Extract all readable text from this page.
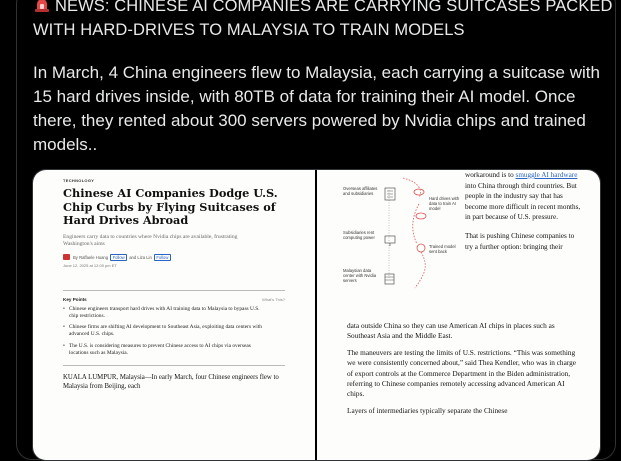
NEWS: CHINESE AI COMPANIES ARE CARRYING SUITCASES PACKED WITH HARD-DRIVES TO MALAYSIA TO TRAIN MODELS
In March, 4 China engineers flew to Malaysia, each carrying a suitcase with 15 hard drives inside, with 80TB of data for training their AI model. Once there, they rented about 300 servers powered by Nvidia chips and trained models..
TECHNOLOGY
Chinese AI Companies Dodge U.S. Chip Curbs by Flying Suitcases of Hard Drives Abroad
Engineers carry data to countries where Nvidia chips are available, frustrating Washington's aims
By
Raffaele Huang	Follow	and
Liza Lin	Follow
June 12, 2025 at 12:00 pm ET
Key Points	What's This?
• Chinese engineers transport hard drives with AI training data to Malaysia to bypass U.S. chip restrictions.
• Chinese firms are shifting AI development to Southeast Asia, exploiting data centers with advanced U.S. chips.
• The U.S. is considering measures to prevent Chinese access to AI chips via overseas locations such as Malaysia.
KUALA LUMPUR, Malaysia—In early March, four Chinese engineers flew to Malaysia from Beijing, each
Overseas affiliates and subsidiaries
Hard drives with data to train AI model
Subsidiaries rent computing power
Trained model sent back
Malaysian data center with Nvidia servers

workaround is to smuggle AI hardware into China through third countries. But people in the industry say that has become more difficult in recent months, in part because of U.S. pressure.

That is pushing Chinese companies to try a further option: bringing their

data outside China so they can use American AI chips in places such as Southeast Asia and the Middle East.
The maneuvers are testing the limits of U.S. restrictions. “This was something we were consistently concerned about,” said Thea Kendler, who was in charge of export controls at the Commerce Department in the Biden administration, referring to Chinese companies remotely accessing advanced American AI chips.
Layers of intermediaries typically separate the Chinese
